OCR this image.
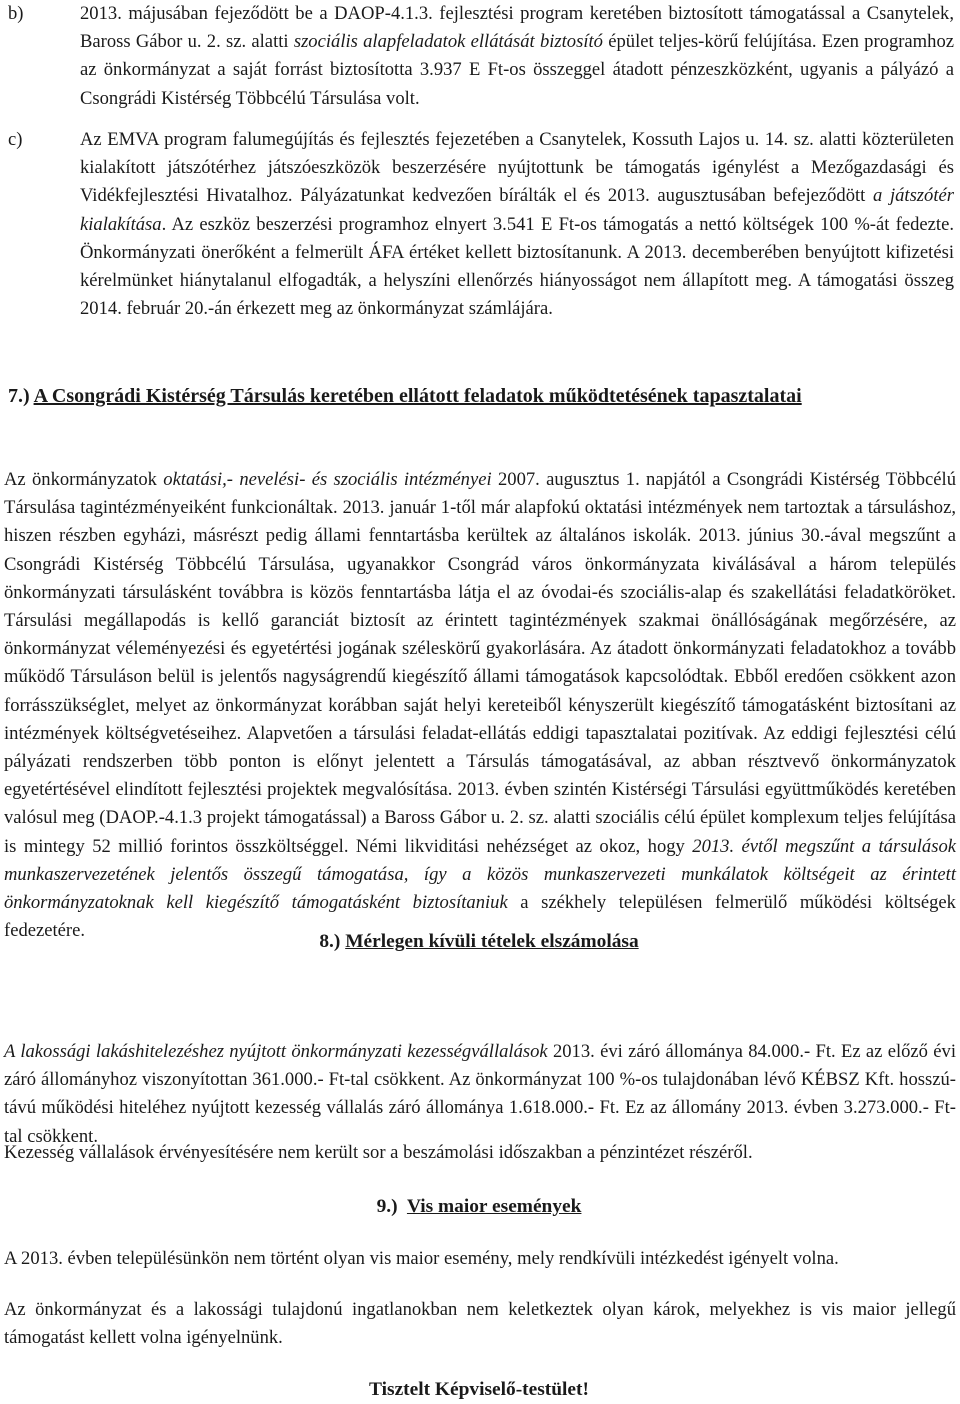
b)	2013. májusában fejeződött be a DAOP-4.1.3. fejlesztési program keretében biztosított támogatással a Csanytelek, Baross Gábor u. 2. sz. alatti szociális alapfeladatok ellátását biztosító épület teljes-körű felújítása. Ezen programhoz az önkormányzat a saját forrást biztosította 3.937 E Ft-os összeggel átadott pénzeszközként, ugyanis a pályázó a Csongrádi Kistérség Többcélú Társulása volt.
c)	Az EMVA program falumegújítás és fejlesztés fejezetében a Csanytelek, Kossuth Lajos u. 14. sz. alatti közterületen kialakított játszótérhez játszóeszközök beszerzésére nyújtottunk be támogatás igénylést a Mezőgazdasági és Vidékfejlesztési Hivatalhoz. Pályázatunkat kedvezően bírálták el és 2013. augusztusában befejeződött a játszótér kialakítása. Az eszköz beszerzési programhoz elnyert 3.541 E Ft-os támogatás a nettó költségek 100 %-át fedezte. Önkormányzati önerőként a felmerült ÁFA értéket kellett biztosítanunk. A 2013. decemberében benyújtott kifizetési kérelmünket hiánytalanul elfogadták, a helyszíni ellenőrzés hiányosságot nem állapított meg. A támogatási összeg 2014. február 20.-án érkezett meg az önkormányzat számlájára.
7.) A Csongrádi Kistérség Társulás keretében ellátott feladatok működtetésének tapasztalatai
Az önkormányzatok oktatási,- nevelési- és szociális intézményei 2007. augusztus 1. napjától a Csongrádi Kistérség Többcélú Társulása tagintézményeiként funkcionáltak. 2013. január 1-től már alapfokú oktatási intézmények nem tartoztak a társuláshoz, hiszen részben egyházi, másrészt pedig állami fenntartásba kerültek az általános iskolák. 2013. június 30.-ával megszűnt a Csongrádi Kistérség Többcélú Társulása, ugyanakkor Csongrád város önkormányzata kiválásával a három település önkormányzati társulásként továbbra is közös fenntartásba látja el az óvodai-és szociális-alap és szakellátási feladatköröket. Társulási megállapodás is kellő garanciát biztosít az érintett tagintézmények szakmai önállóságának megőrzésére, az önkormányzat véleményezési és egyetértési jogának széleskörű gyakorlására. Az átadott önkormányzati feladatokhoz a tovább működő Társuláson belül is jelentős nagyságrendű kiegészítő állami támogatások kapcsolódtak. Ebből eredően csökkent azon forrásszükséglet, melyet az önkormányzat korábban saját helyi kereteiből kényszerült kiegészítő támogatásként biztosítani az intézmények költségvetéseihez. Alapvetően a társulási feladat-ellátás eddigi tapasztalatai pozitívak. Az eddigi fejlesztési célú pályázati rendszerben több ponton is előnyt jelentett a Társulás támogatásával, az abban résztvevő önkormányzatok egyetértésével elindított fejlesztési projektek megvalósítása. 2013. évben szintén Kistérségi Társulási együttműködés keretében valósul meg (DAOP.-4.1.3 projekt támogatással) a Baross Gábor u. 2. sz. alatti szociális célú épület komplexum teljes felújítása is mintegy 52 millió forintos összköltséggel. Némi likviditási nehézséget az okoz, hogy 2013. évtől megszűnt a társulások munkaszervezetének jelentős összegű támogatása, így a közös munkaszervezeti munkálatok költségeit az érintett önkormányzatoknak kell kiegészítő támogatásként biztosítaniuk a székhely településen felmerülő működési költségek fedezetére.
8.) Mérlegen kívüli tételek elszámolása
A lakossági lakáshitelezéshez nyújtott önkormányzati kezességvállalások 2013. évi záró állománya 84.000.- Ft. Ez az előző évi záró állományhoz viszonyítottan 361.000.- Ft-tal csökkent. Az önkormányzat 100 %-os tulajdonában lévő KÉBSZ Kft. hosszú-távú működési hiteléhez nyújtott kezesség vállalás záró állománya 1.618.000.- Ft. Ez az állomány 2013. évben 3.273.000.- Ft-tal csökkent.
Kezesség vállalások érvényesítésére nem került sor a beszámolási időszakban a pénzintézet részéről.
9.) Vis maior események
A 2013. évben településünkön nem történt olyan vis maior esemény, mely rendkívüli intézkedést igényelt volna.
Az önkormányzat és a lakossági tulajdonú ingatlanokban nem keletkeztek olyan károk, melyekhez is vis maior jellegű támogatást kellett volna igényelnünk.
Tisztelt Képviselő-testület!
